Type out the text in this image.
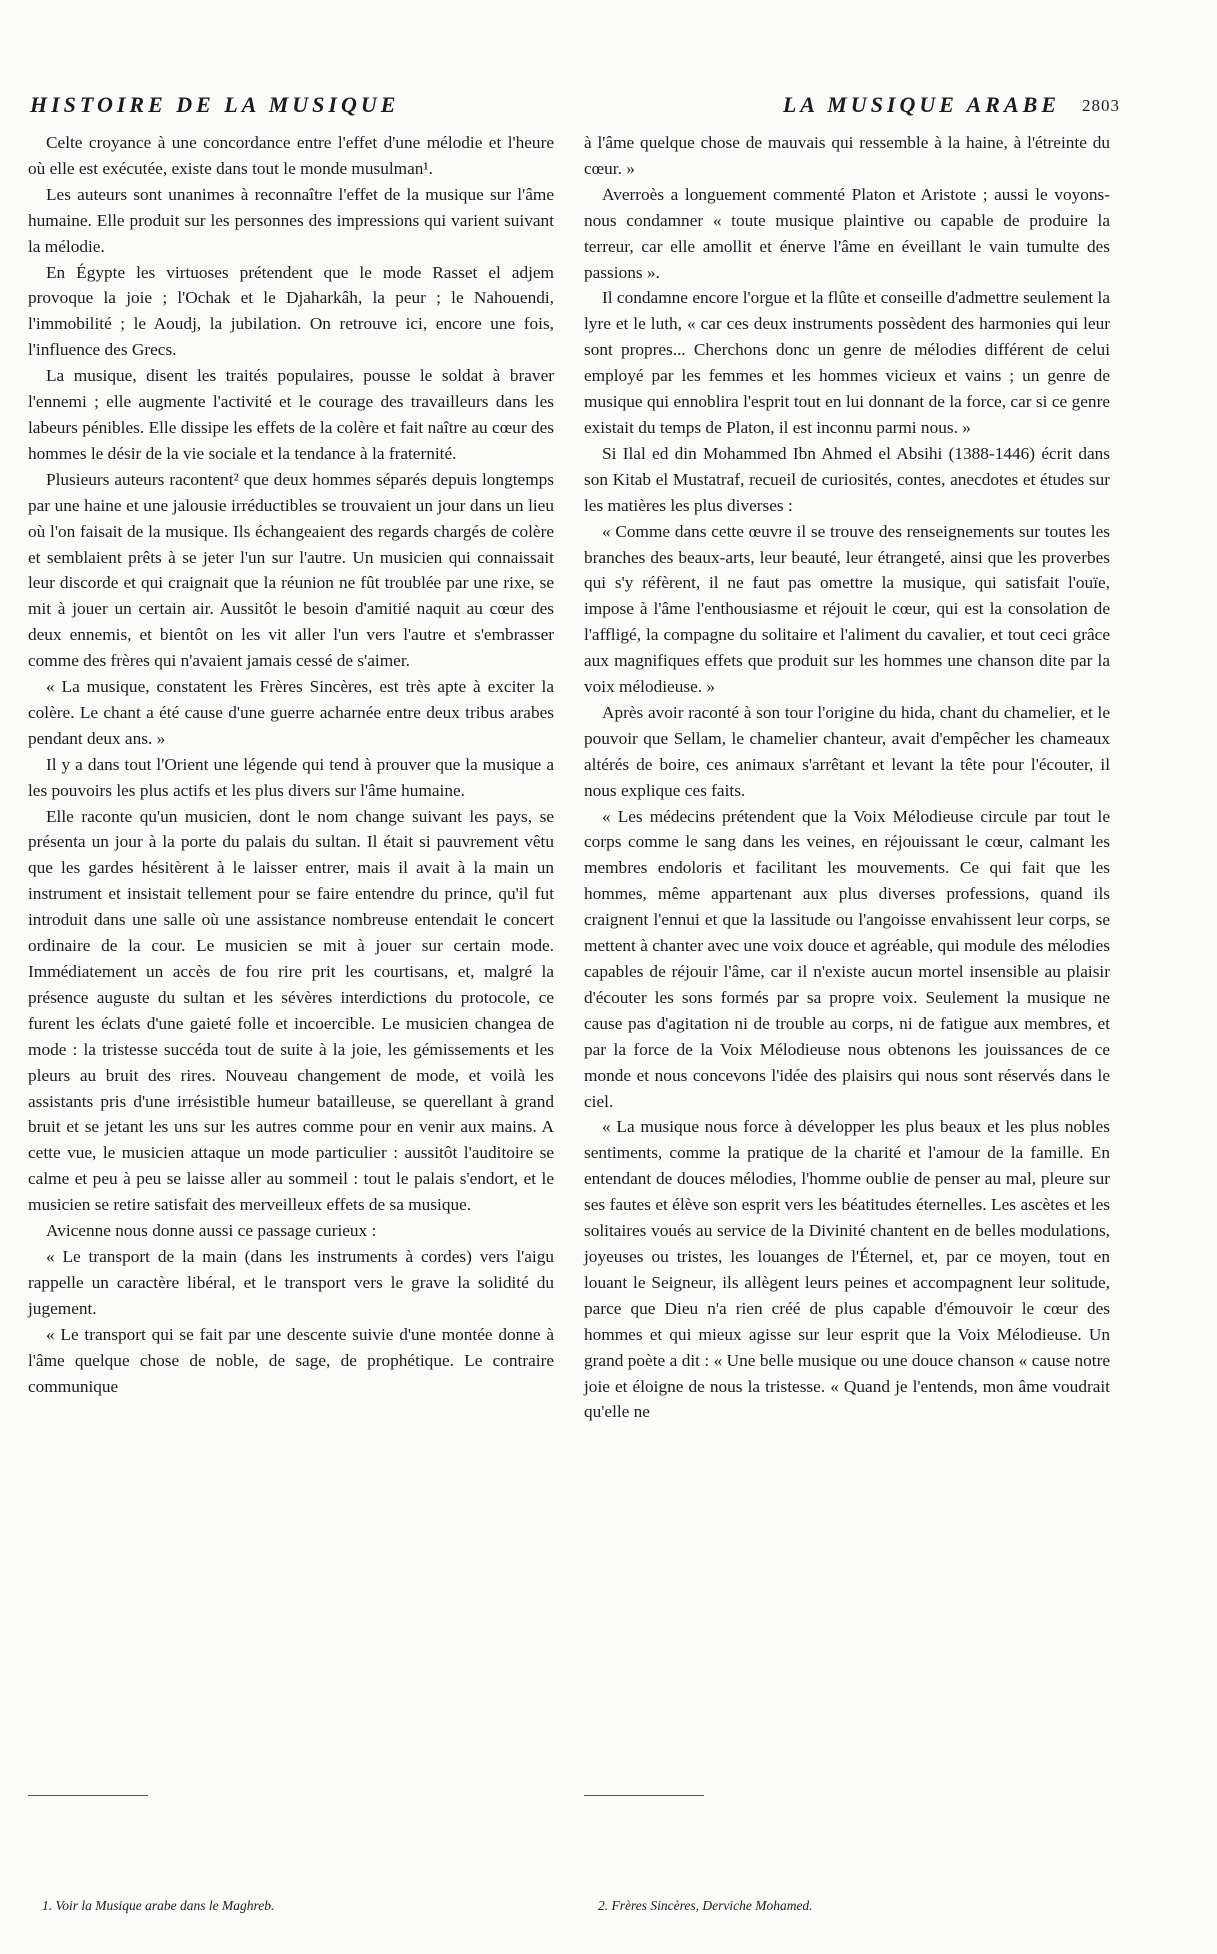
HISTOIRE DE LA MUSIQUE	LA MUSIQUE ARABE 2803

Celte croyance à une concordance entre l'effet d'une mélodie et l'heure où elle est exécutée, existe dans tout le monde musulman¹.

Les auteurs sont unanimes à reconnaître l'effet de la musique sur l'âme humaine. Elle produit sur les personnes des impressions qui varient suivant la mélodie.

En Égypte les virtuoses prétendent que le mode Rasset el adjem provoque la joie ; l'Ochak et le Djaharkâh, la peur ; le Nahouendi, l'immobilité ; le Aoudj, la jubilation. On retrouve ici, encore une fois, l'influence des Grecs.

La musique, disent les traités populaires, pousse le soldat à braver l'ennemi ; elle augmente l'activité et le courage des travailleurs dans les labeurs pénibles. Elle dissipe les effets de la colère et fait naître au cœur des hommes le désir de la vie sociale et la tendance à la fraternité.

Plusieurs auteurs racontent² que deux hommes séparés depuis longtemps par une haine et une jalousie irréductibles se trouvaient un jour dans un lieu où l'on faisait de la musique. Ils échangeaient des regards chargés de colère et semblaient prêts à se jeter l'un sur l'autre. Un musicien qui connaissait leur discorde et qui craignait que la réunion ne fût troublée par une rixe, se mit à jouer un certain air. Aussitôt le besoin d'amitié naquit au cœur des deux ennemis, et bientôt on les vit aller l'un vers l'autre et s'embrasser comme des frères qui n'avaient jamais cessé de s'aimer.

« La musique, constatent les Frères Sincères, est très apte à exciter la colère. Le chant a été cause d'une guerre acharnée entre deux tribus arabes pendant deux ans. »

Il y a dans tout l'Orient une légende qui tend à prouver que la musique a les pouvoirs les plus actifs et les plus divers sur l'âme humaine.

Elle raconte qu'un musicien, dont le nom change suivant les pays, se présenta un jour à la porte du palais du sultan. Il était si pauvrement vêtu que les gardes hésitèrent à le laisser entrer, mais il avait à la main un instrument et insistait tellement pour se faire entendre du prince, qu'il fut introduit dans une salle où une assistance nombreuse entendait le concert ordinaire de la cour. Le musicien se mit à jouer sur certain mode. Immédiatement un accès de fou rire prit les courtisans, et, malgré la présence auguste du sultan et les sévères interdictions du protocole, ce furent les éclats d'une gaieté folle et incoercible. Le musicien changea de mode : la tristesse succéda tout de suite à la joie, les gémissements et les pleurs au bruit des rires. Nouveau changement de mode, et voilà les assistants pris d'une irrésistible humeur batailleuse, se querellant à grand bruit et se jetant les uns sur les autres comme pour en venir aux mains. A cette vue, le musicien attaque un mode particulier : aussitôt l'auditoire se calme et peu à peu se laisse aller au sommeil : tout le palais s'endort, et le musicien se retire satisfait des merveilleux effets de sa musique.

Avicenne nous donne aussi ce passage curieux :

« Le transport de la main (dans les instruments à cordes) vers l'aigu rappelle un caractère libéral, et le transport vers le grave la solidité du jugement.

« Le transport qui se fait par une descente suivie d'une montée donne à l'âme quelque chose de noble, de sage, de prophétique. Le contraire communique

à l'âme quelque chose de mauvais qui ressemble à la haine, à l'étreinte du cœur. »

Averroès a longuement commenté Platon et Aristote ; aussi le voyons-nous condamner « toute musique plaintive ou capable de produire la terreur, car elle amollit et énerve l'âme en éveillant le vain tumulte des passions ».

Il condamne encore l'orgue et la flûte et conseille d'admettre seulement la lyre et le luth, « car ces deux instruments possèdent des harmonies qui leur sont propres... Cherchons donc un genre de mélodies différent de celui employé par les femmes et les hommes vicieux et vains ; un genre de musique qui ennoblira l'esprit tout en lui donnant de la force, car si ce genre existait du temps de Platon, il est inconnu parmi nous. »

Si Ilal ed din Mohammed Ibn Ahmed el Absihi (1388-1446) écrit dans son Kitab el Mustatraf, recueil de curiosités, contes, anecdotes et études sur les matières les plus diverses :

« Comme dans cette œuvre il se trouve des renseignements sur toutes les branches des beaux-arts, leur beauté, leur étrangeté, ainsi que les proverbes qui s'y réfèrent, il ne faut pas omettre la musique, qui satisfait l'ouïe, impose à l'âme l'enthousiasme et réjouit le cœur, qui est la consolation de l'affligé, la compagne du solitaire et l'aliment du cavalier, et tout ceci grâce aux magnifiques effets que produit sur les hommes une chanson dite par la voix mélodieuse. »

Après avoir raconté à son tour l'origine du hida, chant du chamelier, et le pouvoir que Sellam, le chamelier chanteur, avait d'empêcher les chameaux altérés de boire, ces animaux s'arrêtant et levant la tête pour l'écouter, il nous explique ces faits.

« Les médecins prétendent que la Voix Mélodieuse circule par tout le corps comme le sang dans les veines, en réjouissant le cœur, calmant les membres endoloris et facilitant les mouvements. Ce qui fait que les hommes, même appartenant aux plus diverses professions, quand ils craignent l'ennui et que la lassitude ou l'angoisse envahissent leur corps, se mettent à chanter avec une voix douce et agréable, qui module des mélodies capables de réjouir l'âme, car il n'existe aucun mortel insensible au plaisir d'écouter les sons formés par sa propre voix. Seulement la musique ne cause pas d'agitation ni de trouble au corps, ni de fatigue aux membres, et par la force de la Voix Mélodieuse nous obtenons les jouissances de ce monde et nous concevons l'idée des plaisirs qui nous sont réservés dans le ciel.

« La musique nous force à développer les plus beaux et les plus nobles sentiments, comme la pratique de la charité et l'amour de la famille. En entendant de douces mélodies, l'homme oublie de penser au mal, pleure sur ses fautes et élève son esprit vers les béatitudes éternelles. Les ascètes et les solitaires voués au service de la Divinité chantent en de belles modulations, joyeuses ou tristes, les louanges de l'Éternel, et, par ce moyen, tout en louant le Seigneur, ils allègent leurs peines et accompagnent leur solitude, parce que Dieu n'a rien créé de plus capable d'émouvoir le cœur des hommes et qui mieux agisse sur leur esprit que la Voix Mélodieuse. Un grand poète a dit : « Une belle musique ou une douce chanson « cause notre joie et éloigne de nous la tristesse. « Quand je l'entends, mon âme voudrait qu'elle ne

1. Voir la Musique arabe dans le Maghreb.	2. Frères Sincères, Derviche Mohamed.
